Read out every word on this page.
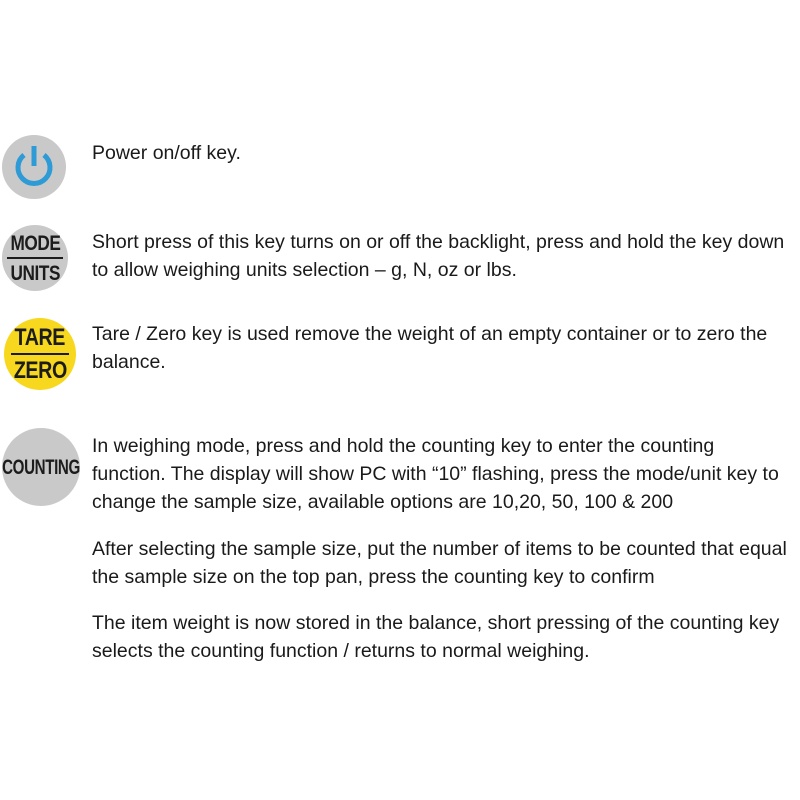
Power on/off key.

MODE
UNITS

Short press of this key turns on or off the backlight, press and hold the key down to allow weighing units selection – g, N, oz or lbs.

TARE
ZERO

Tare / Zero key is used remove the weight of an empty container or to zero the balance.

COUNTING

In weighing mode, press and hold the counting key to enter the counting function. The display will show PC with “10” flashing, press the mode/unit key to change the sample size, available options are 10,20, 50, 100 & 200

After selecting the sample size, put the number of items to be counted that equal the sample size on the top pan, press the counting key to confirm

The item weight is now stored in the balance, short pressing of the counting key selects the counting function / returns to normal weighing.
